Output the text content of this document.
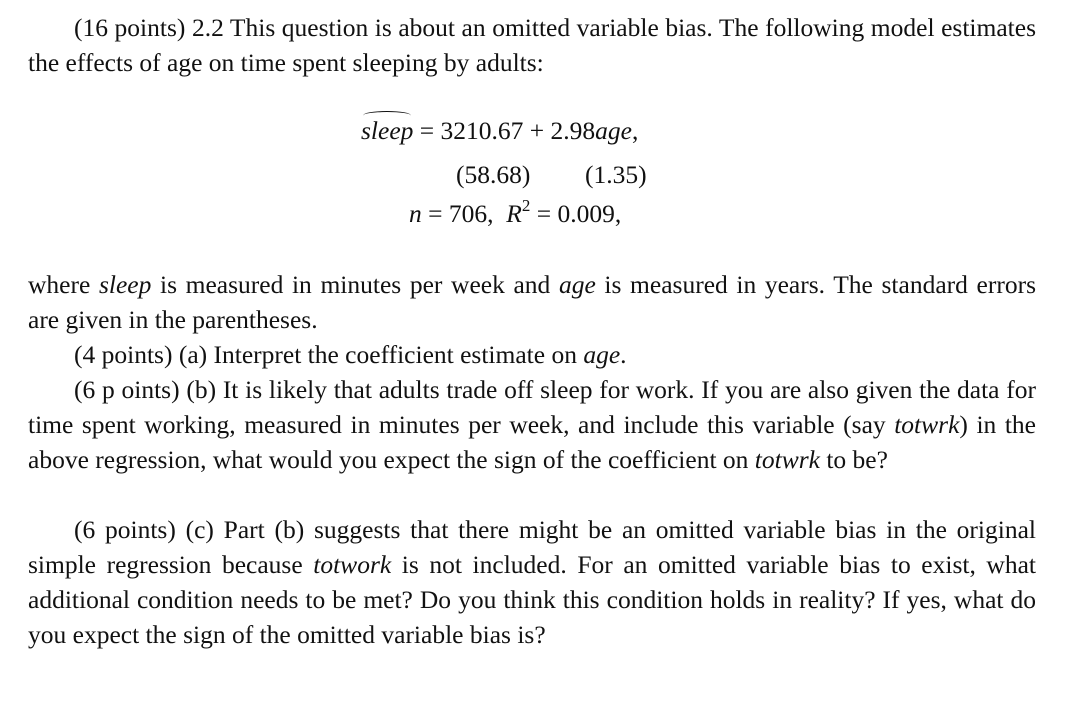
(16 points) 2.2 This question is about an omitted variable bias. The following model estimates the effects of age on time spent sleeping by adults:
sleep = 3210.67 + 2.98age,
(58.68) (1.35)
n = 706, $R^2 = 0.009$,
where sleep is measured in minutes per week and age is measured in years. The standard errors are given in the parentheses.
(4 points) (a) Interpret the coefficient estimate on age.
(6 p oints) (b) It is likely that adults trade off sleep for work. If you are also given the data for time spent working, measured in minutes per week, and include this variable (say totwrk) in the above regression, what would you expect the sign of the coefficient on totwrk to be?
(6 points) (c) Part (b) suggests that there might be an omitted variable bias in the original simple regression because totwork is not included. For an omitted variable bias to exist, what additional condition needs to be met? Do you think this condition holds in reality? If yes, what do you expect the sign of the omitted variable bias is?
